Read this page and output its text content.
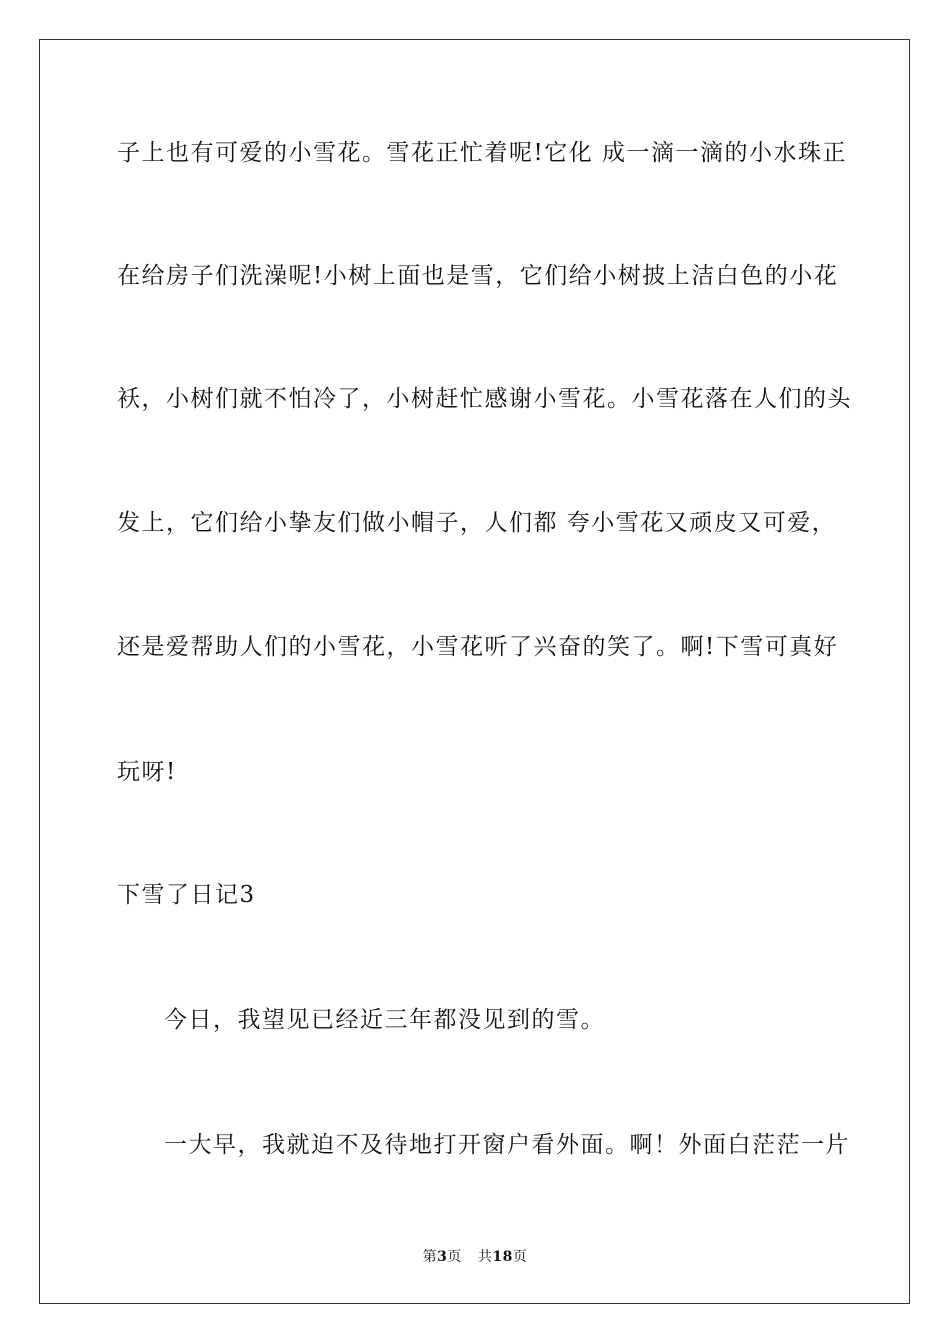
子上也有可爱的小雪花。雪花正忙着呢!它化 成一滴一滴的小水珠正
在给房子们洗澡呢!小树上面也是雪，它们给小树披上洁白色的小花
袄，小树们就不怕冷了，小树赶忙感谢小雪花。小雪花落在人们的头
发上，它们给小挚友们做小帽子，人们都 夸小雪花又顽皮又可爱，
还是爱帮助人们的小雪花，小雪花听了兴奋的笑了。啊!下雪可真好
玩呀!
下雪了日记3
今日，我望见已经近三年都没见到的雪。
一大早，我就迫不及待地打开窗户看外面。啊！外面白茫茫一片
第3页 共18页
